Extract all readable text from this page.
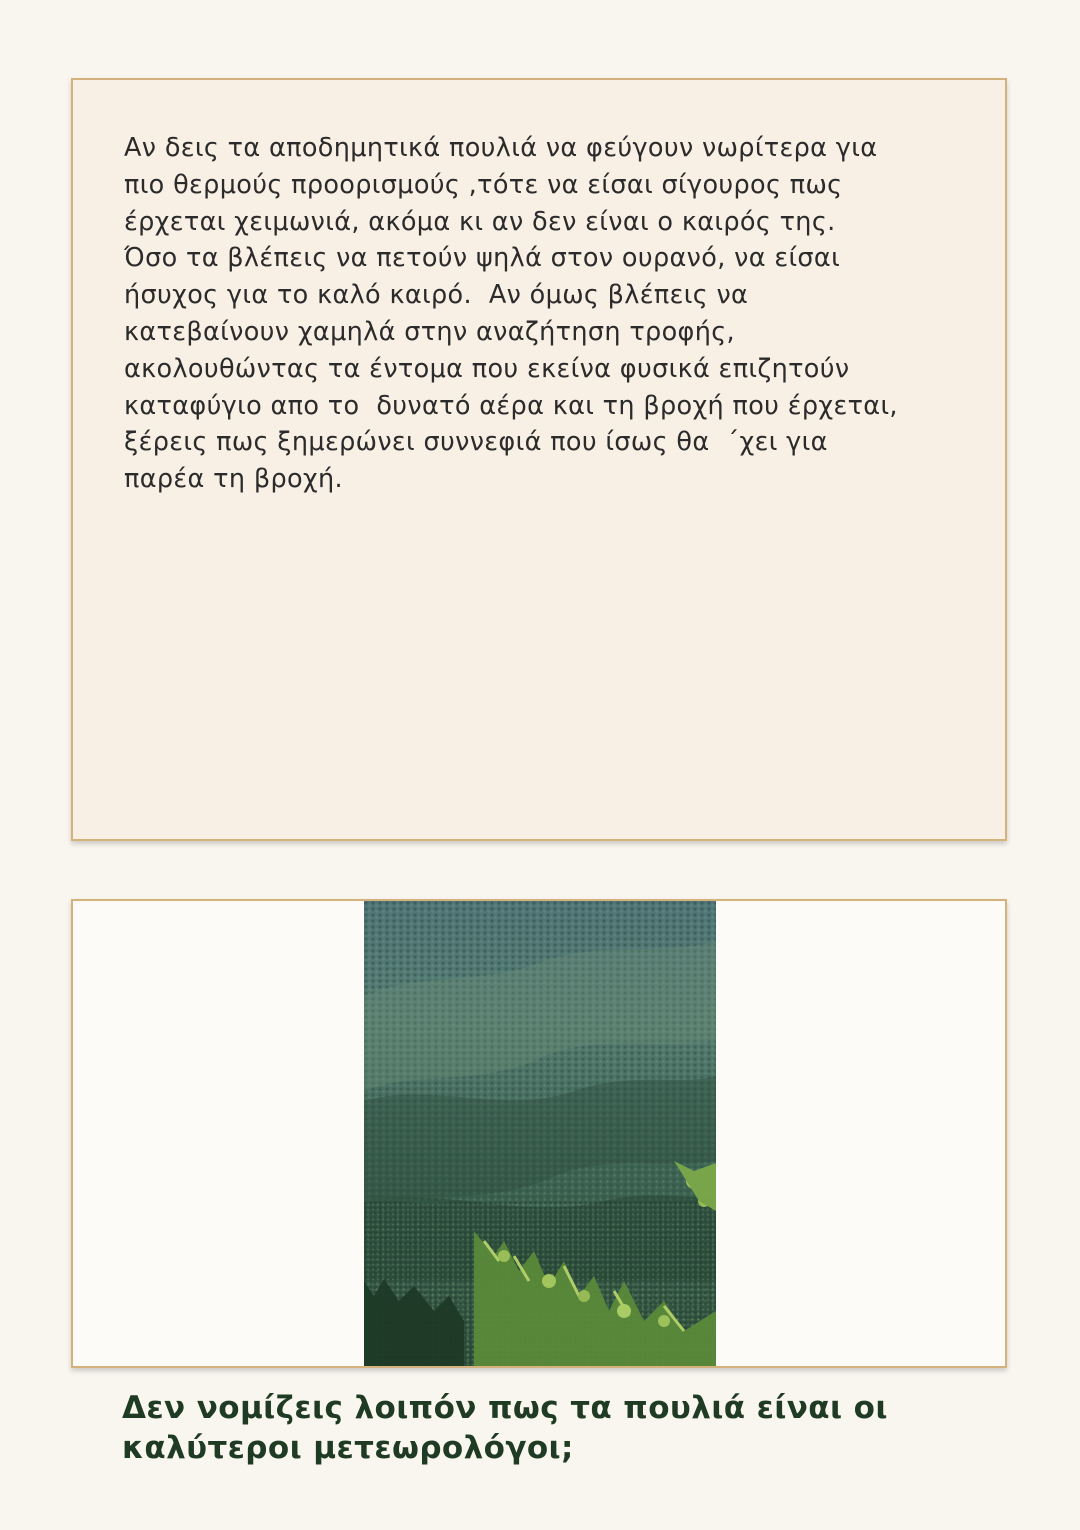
Αν δεις τα αποδημητικά πουλιά να φεύγουν νωρίτερα για
πιο θερμούς προορισμούς ,τότε να είσαι σίγουρος πως
έρχεται χειμωνιά, ακόμα κι αν δεν είναι ο καιρός της.
Όσο τα βλέπεις να πετούν ψηλά στον ουρανό, να είσαι
ήσυχος για το καλό καιρό.  Αν όμως βλέπεις να
κατεβαίνουν χαμηλά στην αναζήτηση τροφής,
ακολουθώντας τα έντομα που εκείνα φυσικά επιζητούν
καταφύγιο απο το  δυνατό αέρα και τη βροχή που έρχεται,
ξέρεις πως ξημερώνει συννεφιά που ίσως θα  ΄χει για
παρέα τη βροχή.

Δεν νομίζεις λοιπόν πως τα πουλιά είναι οι
καλύτεροι μετεωρολόγοι;
